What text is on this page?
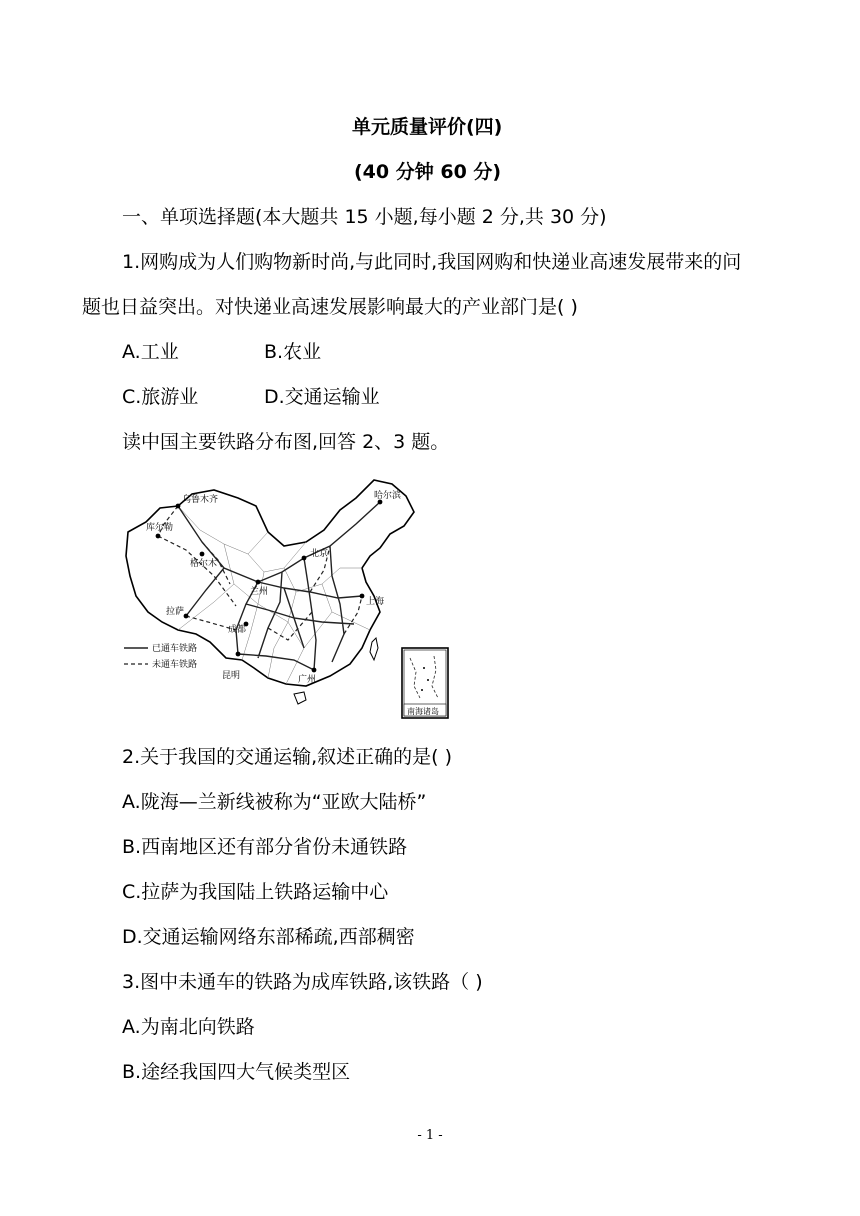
单元质量评价(四)
(40 分钟 60 分)
一、单项选择题(本大题共 15 小题,每小题 2 分,共 30 分)
1.网购成为人们购物新时尚,与此同时,我国网购和快递业高速发展带来的问
题也日益突出。对快递业高速发展影响最大的产业部门是( )
A.工业	B.农业
C.旅游业	D.交通运输业
读中国主要铁路分布图,回答 2、3 题。
乌鲁木齐
库尔勒
格尔木
拉萨
哈尔滨
北京
兰州
成都
上海
昆明	广州
已通车铁路
未通车铁路
南海诸岛
2.关于我国的交通运输,叙述正确的是( )
A.陇海—兰新线被称为“亚欧大陆桥”
B.西南地区还有部分省份未通铁路
C.拉萨为我国陆上铁路运输中心
D.交通运输网络东部稀疏,西部稠密
3.图中未通车的铁路为成库铁路,该铁路（ )
A.为南北向铁路
B.途经我国四大气候类型区
- 1 -
